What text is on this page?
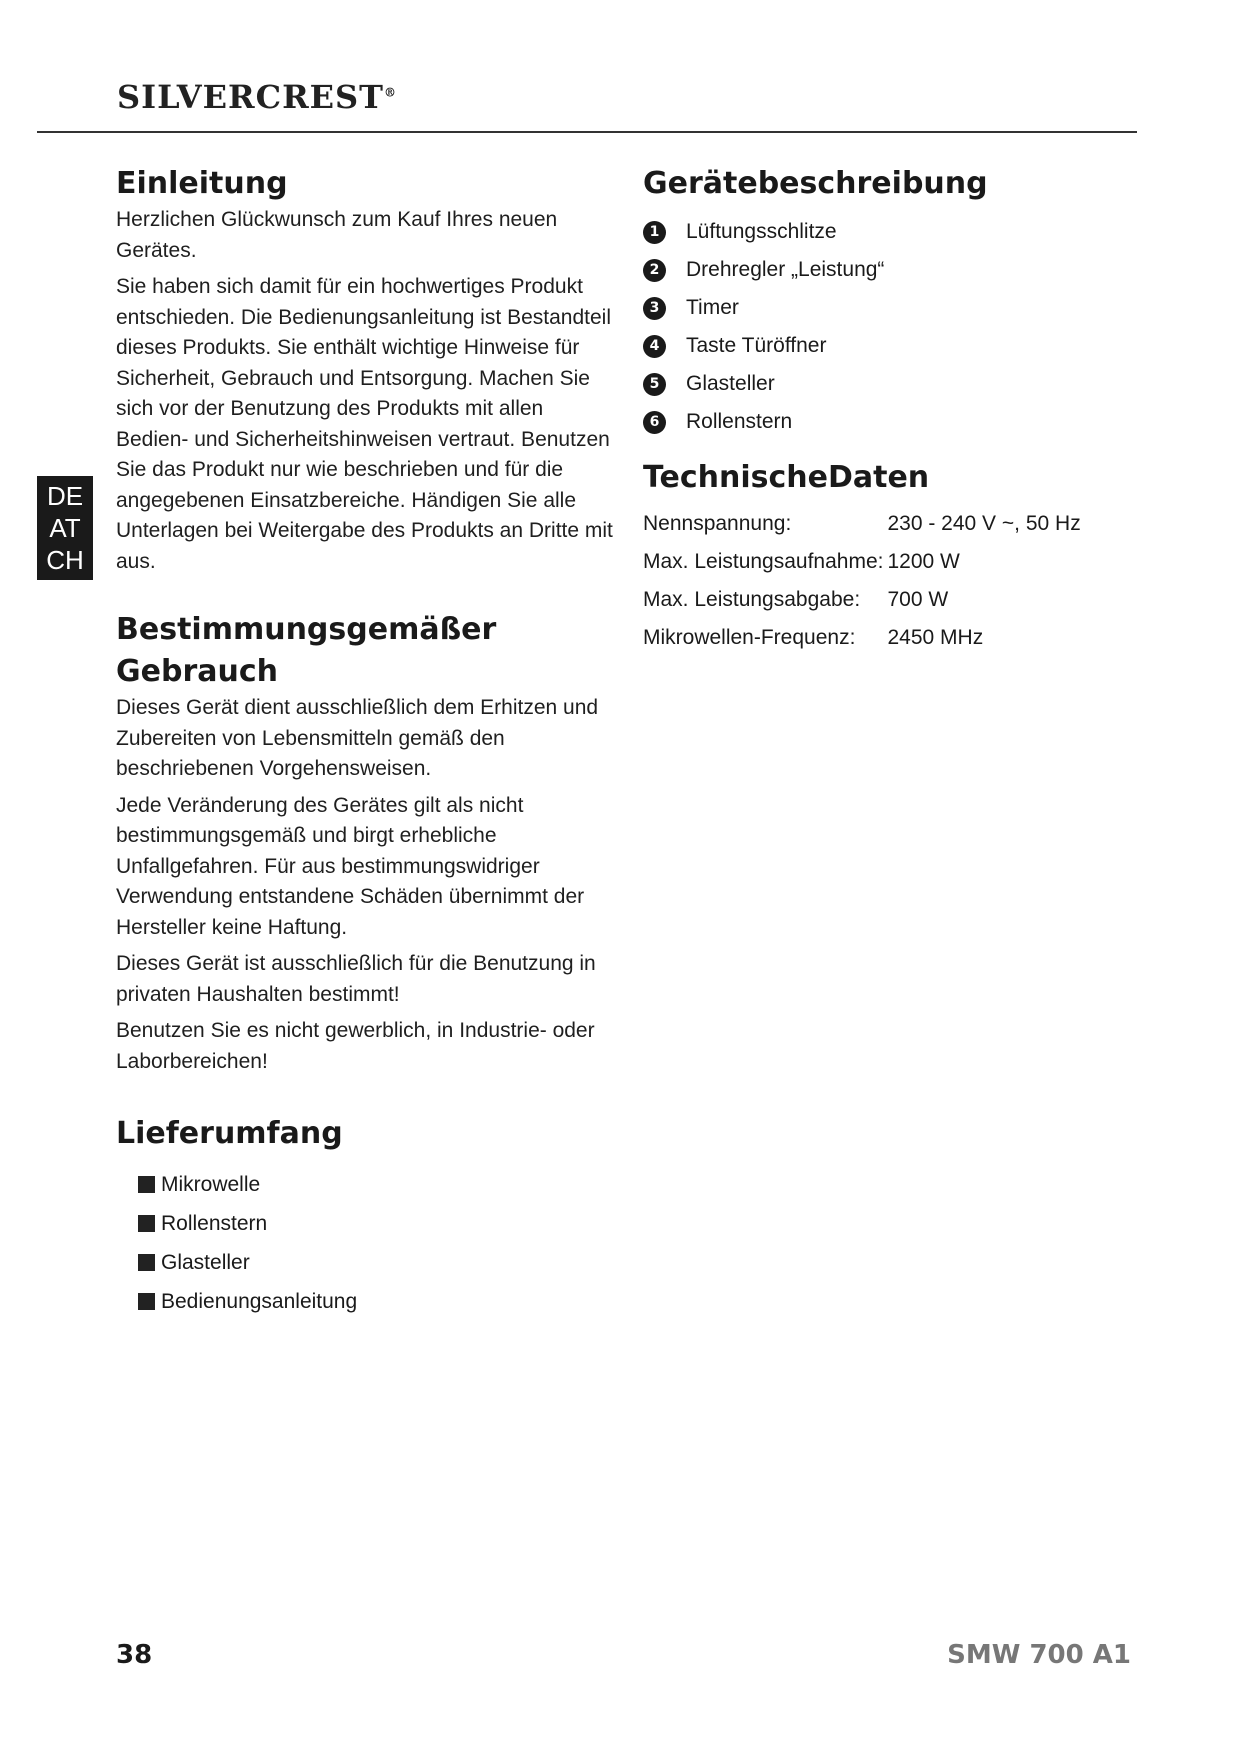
SILVERCREST®
DE
AT
CH
Einleitung

Herzlichen Glückwunsch zum Kauf Ihres neuen Gerätes.

Sie haben sich damit für ein hochwertiges Produkt entschieden. Die Bedienungsanleitung ist Bestandteil dieses Produkts. Sie enthält wichtige Hinweise für Sicherheit, Gebrauch und Entsorgung. Machen Sie sich vor der Benutzung des Produkts mit allen Bedien- und Sicherheitshinweisen vertraut. Benutzen Sie das Produkt nur wie beschrieben und für die angegebenen Einsatzbereiche. Händigen Sie alle Unterlagen bei Weitergabe des Produkts an Dritte mit aus.

Bestimmungsgemäßer
Gebrauch

Dieses Gerät dient ausschließlich dem Erhitzen und Zubereiten von Lebensmitteln gemäß den beschriebenen Vorgehensweisen.

Jede Veränderung des Gerätes gilt als nicht bestimmungsgemäß und birgt erhebliche Unfallgefahren. Für aus bestimmungswidriger Verwendung entstandene Schäden übernimmt der Hersteller keine Haftung.

Dieses Gerät ist ausschließlich für die Benutzung in privaten Haushalten bestimmt!

Benutzen Sie es nicht gewerblich, in Industrie- oder Laborbereichen!

Lieferumfang
Mikrowelle
Rollenstern
Glasteller
Bedienungsanleitung
Gerätebeschreibung
1	Lüftungsschlitze
2	Drehregler „Leistung“
3	Timer
4	Taste Türöffner
5	Glasteller
6	Rollenstern
TechnischeDaten
Nennspannung:	230 - 240 V ~, 50 Hz
Max. Leistungsaufnahme:	1200 W
Max. Leistungsabgabe:	700 W
Mikrowellen-Frequenz:	2450 MHz
38	SMW 700 A1
